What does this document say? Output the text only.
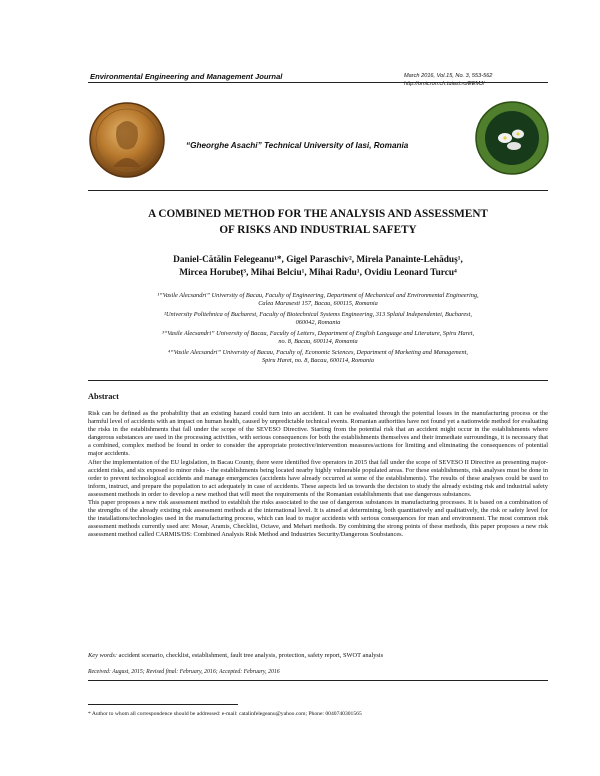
Environmental Engineering and Management Journal	March 2016, Vol.15, No. 3, 553-562
http://omicron.ch.tuiasi.ro/EEMJ/
“Gheorghe Asachi” Technical University of Iasi, Romania
A COMBINED METHOD FOR THE ANALYSIS AND ASSESSMENT
OF RISKS AND INDUSTRIAL SAFETY
Daniel-Cătălin Felegeanu¹*, Gigel Paraschiv², Mirela Panainte-Lehăduș¹,
Mircea Horubeț³, Mihai Belciu¹, Mihai Radu¹, Ovidiu Leonard Turcu⁴
¹“Vasile Alecsandri” University of Bacau, Faculty of Engineering, Department of Mechanical and Environmental Engineering,
Calea Marasesti 157, Bacau, 600115, Romania
²University Politehnica of Bucharest, Faculty of Biotechnical Systems Engineering, 313 Splaiul Independentei, Bucharest,
060042, Romania
³“Vasile Alecsandri” University of Bacau, Faculty of Letters, Department of English Language and Literature, Spiru Haret,
no. 8, Bacau, 600114, Romania
⁴“Vasile Alecsandri” University of Bacau, Faculty of, Economic Sciences, Department of Marketing and Management,
Spiru Haret, no. 8, Bacau, 600114, Romania
Abstract

Risk can be defined as the probability that an existing hazard could turn into an accident. It can be evaluated through the potential losses in the manufacturing process or the harmful level of accidents with an impact on human health, caused by unpredictable technical events. Romanian authorities have not found yet a nationwide method for evaluating the risks in the establishments that fall under the scope of the SEVESO Directive. Starting from the potential risk that an accident might occur in the establishments where dangerous substances are used in the processing activities, with serious consequences for both the establishments themselves and their immediate surroundings, it is necessary that a combined, complex method be found in order to consider the appropriate protective/intervention measures/actions for limiting and eliminating the consequences of potential major accidents.

After the implementation of the EU legislation, in Bacau County, there were identified five operators in 2015 that fall under the scope of SEVESO II Directive as presenting major-accident risks, and six exposed to minor risks - the establishments being located nearby highly vulnerable populated areas. For these establishments, risk analyses must be done in order to prevent technological accidents and manage emergencies (accidents have already occurred at some of the establishments). The results of these analyses could be used to inform, instruct, and prepare the population to act adequately in case of accidents. These aspects led us towards the decision to study the already existing risk and industrial safety assessment methods in order to develop a new method that will meet the requirements of the Romanian establishments that use dangerous substances.

This paper proposes a new risk assessment method to establish the risks associated to the use of dangerous substances in manufacturing processes. It is based on a combination of the strengths of the already existing risk assessment methods at the international level. It is aimed at determining, both quantitatively and qualitatively, the risk or safety level for the installations/technologies used in the manufacturing process, which can lead to major accidents with serious consequences for man and environment. The most common risk assessment methods currently used are: Mosar, Aramis, Checklist, Octave, and Mehari methods. By combining the strong points of these methods, this paper proposes a new risk assessment method called CARMIS/DS: Combined Analysis Risk Method and Industries Security/Dangerous Soubstances.

Key words: accident scenario, checklist, establishment, fault tree analysis, protection, safety report, SWOT analysis
Received: August, 2015; Revised final: February, 2016; Accepted: February, 2016
* Author to whom all correspondence should be addressed: e-mail: catalinfelegeanu@yahoo.com; Phone: 0040740301565
